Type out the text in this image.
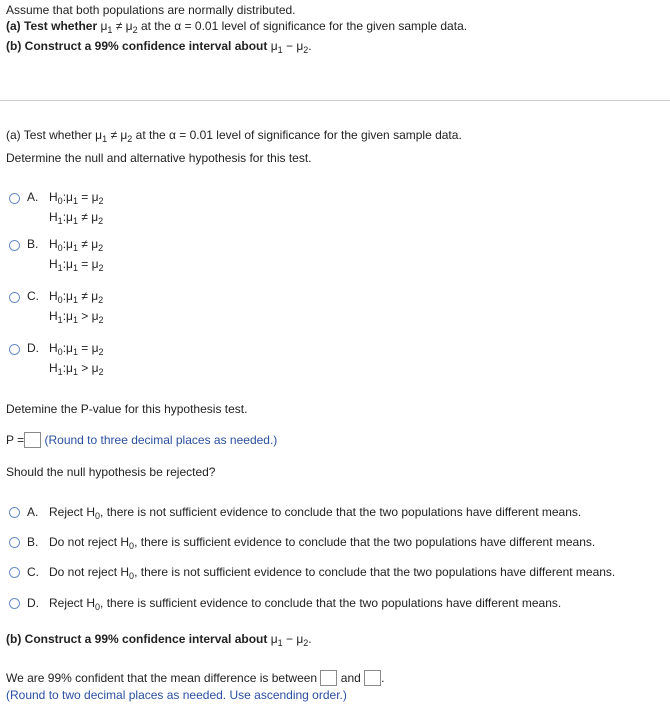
Assume that both populations are normally distributed.
(a) Test whether $\mu_1 \ne \mu_2$ at the α = 0.01 level of significance for the given sample data.
(b) Construct a 99% confidence interval about $\mu_1 - \mu_2$.
(a) Test whether $\mu_1 \ne \mu_2$ at the α = 0.01 level of significance for the given sample data.
Determine the null and alternative hypothesis for this test.
A. $H_0:\mu_1 = \mu_2$
$H_1:\mu_1 \ne \mu_2$
B. $H_0:\mu_1 \ne \mu_2$
$H_1:\mu_1 = \mu_2$
C. $H_0:\mu_1 \ne \mu_2$
$H_1:\mu_1 > \mu_2$
D. $H_0:\mu_1 = \mu_2$
$H_1:\mu_1 > \mu_2$
Detemine the P-value for this hypothesis test.
P = (Round to three decimal places as needed.)
Should the null hypothesis be rejected?
A. Reject $H_0$, there is not sufficient evidence to conclude that the two populations have different means.
B. Do not reject $H_0$, there is sufficient evidence to conclude that the two populations have different means.
C. Do not reject $H_0$, there is not sufficient evidence to conclude that the two populations have different means.
D. Reject $H_0$, there is sufficient evidence to conclude that the two populations have different means.
(b) Construct a 99% confidence interval about $\mu_1 - \mu_2$.
We are 99% confident that the mean difference is between and .
(Round to two decimal places as needed. Use ascending order.)
